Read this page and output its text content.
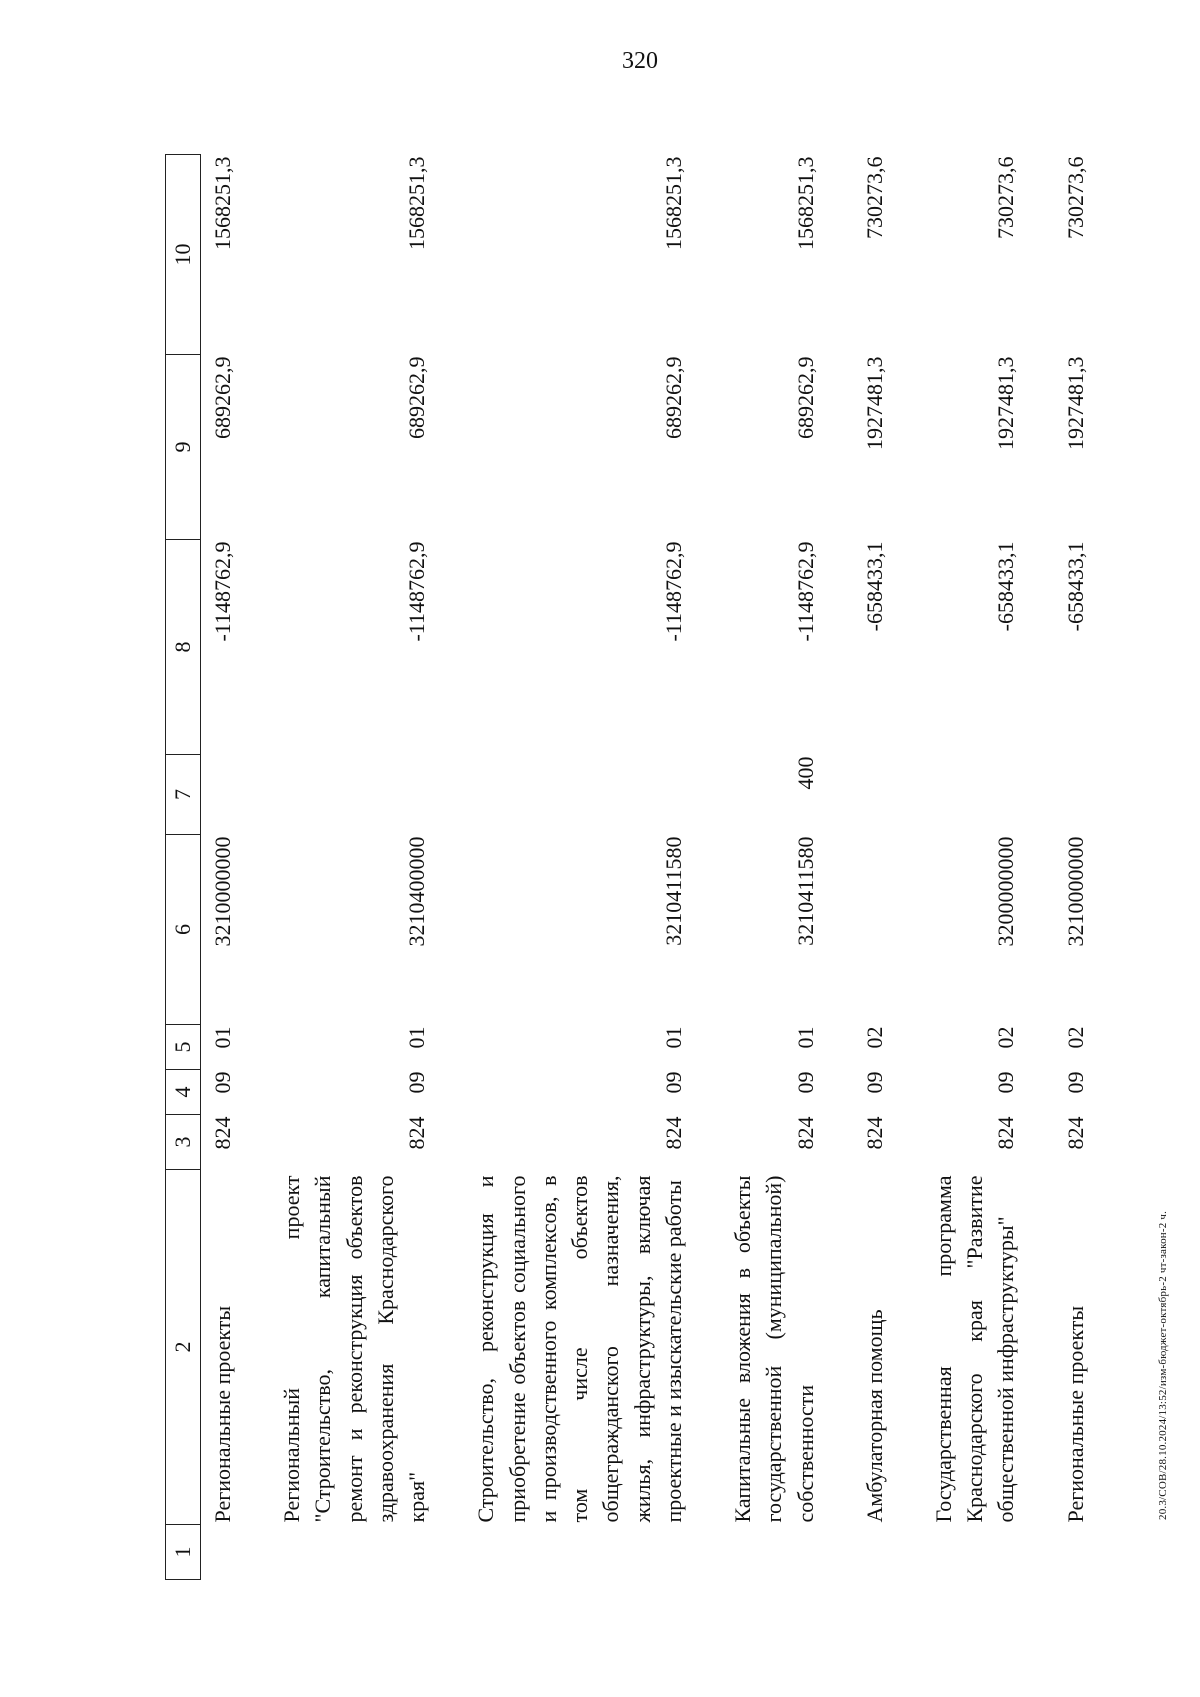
320
20.3/СОВ/28.10.2024/13:52/изм-бюджет-октябрь-2 чт-закон-2 ч.
1	2	3	4	5	6	7	8	9	10
	Региональные проекты	824	09	01	3210000000		-1148762,9	689262,9	1568251,3
	Региональный проект "Строительство, капитальный ремонт и реконструкция объектов здравоохранения Краснодарского края"	824	09	01	3210400000		-1148762,9	689262,9	1568251,3
	Строительство, реконструкция и приобретение объектов социального и производственного комплексов, в том числе объектов общегражданского назначения, жилья, инфраструктуры, включая проектные и изыскательские работы	824	09	01	3210411580		-1148762,9	689262,9	1568251,3
	Капитальные вложения в объекты государственной (муниципальной) собственности	824	09	01	3210411580	400	-1148762,9	689262,9	1568251,3
	Амбулаторная помощь	824	09	02			-658433,1	1927481,3	730273,6
	Государственная программа Краснодарского края "Развитие общественной инфраструктуры"	824	09	02	3200000000		-658433,1	1927481,3	730273,6
	Региональные проекты	824	09	02	3210000000		-658433,1	1927481,3	730273,6
